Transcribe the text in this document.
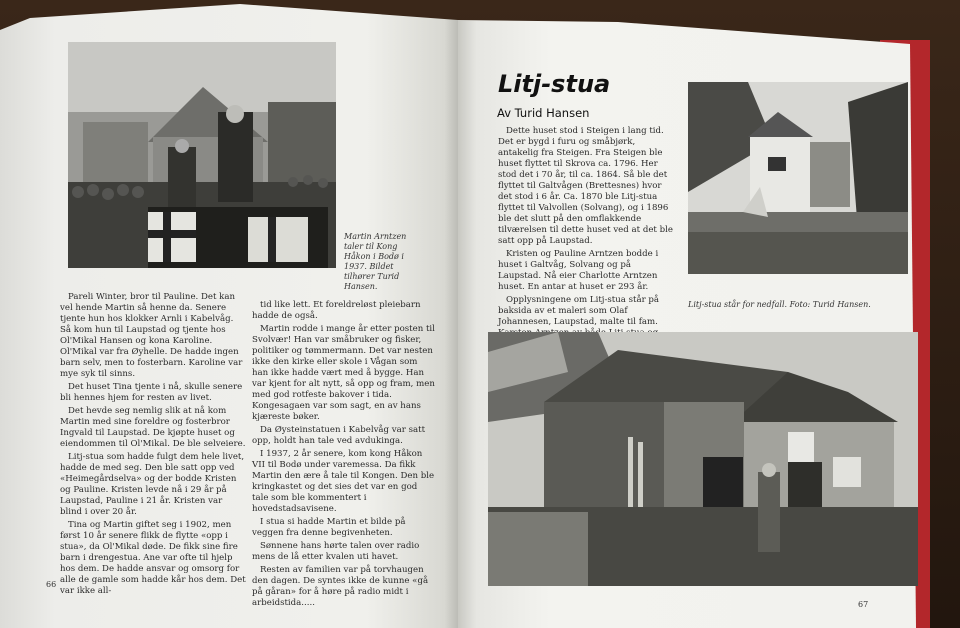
Martin Arntzen taler til Kong Håkon i Bodø i 1937. Bildet tilhører Turid Hansen.

Pareli Winter, bror til Pauline. Det kan vel hende Martin så henne da. Senere tjente hun hos klokker Arnli i Kabelvåg. Så kom hun til Laupstad og tjente hos Ol'Mikal Hansen og kona Karoline. Ol'Mikal var fra Øyhelle. De hadde ingen barn selv, men to fosterbarn. Karoline var mye syk til sinns.

Det huset Tina tjente i nå, skulle senere bli hennes hjem for resten av livet.

Det hevde seg nemlig slik at nå kom Martin med sine foreldre og fosterbror Ingvald til Laupstad. De kjøpte huset og eiendommen til Ol'Mikal. De ble selveiere.

Litj-stua som hadde fulgt dem hele livet, hadde de med seg. Den ble satt opp ved «Heimegårdselva» og der bodde Kristen og Pauline. Kristen levde nå i 29 år på Laupstad, Pauline i 21 år. Kristen var blind i over 20 år.

Tina og Martin giftet seg i 1902, men først 10 år senere flikk de flytte «opp i stua», da Ol'Mikal døde. De fikk sine fire barn i drengestua. Ane var ofte til hjelp hos dem. De hadde ansvar og omsorg for alle de gamle som hadde kår hos dem. Det var ikke all-

tid like lett. Et foreldreløst pleiebarn hadde de også.

Martin rodde i mange år etter posten til Svolvær! Han var småbruker og fisker, politiker og tømmermann. Det var nesten ikke den kirke eller skole i Vågan som han ikke hadde vært med å bygge. Han var kjent for alt nytt, så opp og fram, men med god rotfeste bakover i tida. Kongesagaen var som sagt, en av hans kjæreste bøker.

Da Øysteinstatuen i Kabelvåg var satt opp, holdt han tale ved avdukinga.

I 1937, 2 år senere, kom kong Håkon VII til Bodø under varemessa. Da fikk Martin den ære å tale til Kongen. Den ble kringkastet og det sies det var en god tale som ble kommentert i hovedstadsavisene.

I stua si hadde Martin et bilde på veggen fra denne begivenheten.

Sønnene hans hørte talen over radio mens de lå etter kvalen uti havet.

Resten av familien var på torvhaugen den dagen. De syntes ikke de kunne «gå på gåran» for å høre på radio midt i arbeidstida.....

66
Litj-stua
Av Turid Hansen

Dette huset stod i Steigen i lang tid. Det er bygd i furu og småbjørk, antakelig fra Steigen. Fra Steigen ble huset flyttet til Skrova ca. 1796. Her stod det i 70 år, til ca. 1864. Så ble det flyttet til Galtvågen (Brettesnes) hvor det stod i 6 år. Ca. 1870 ble Litj-stua flyttet til Valvollen (Solvang), og i 1896 ble det slutt på den omflakkende tilværelsen til dette huset ved at det ble satt opp på Laupstad.

Kristen og Pauline Arntzen bodde i huset i Galtvåg, Solvang og på Laupstad. Nå eier Charlotte Arntzen huset. En antar at huset er 293 år.

Opplysningene om Litj-stua står på baksida av et maleri som Olaf Johannesen, Laupstad, malte til fam.

Litj-stua står for nedfall. Foto: Turid Hansen.
67
